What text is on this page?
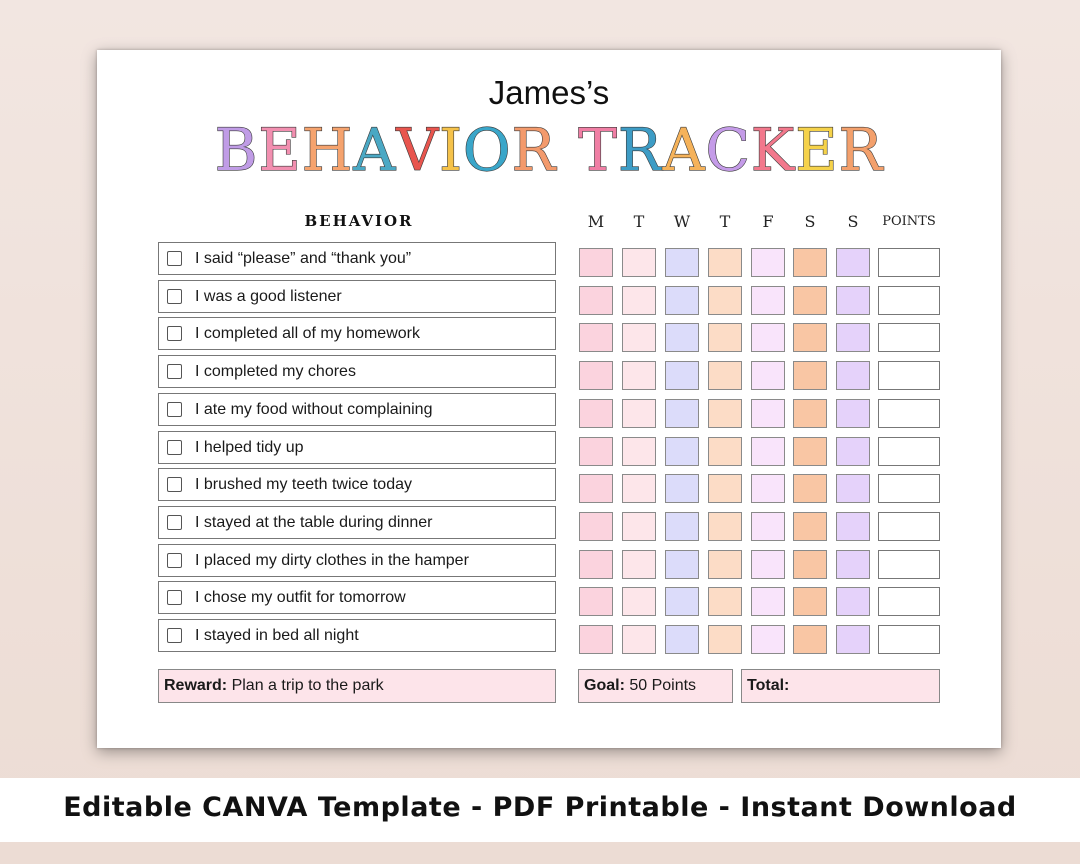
James’s
BEHAVIOR TRACKER
BEHAVIOR	M	T	W	T	F	S	S	POINTS
I said “please” and “thank you”
I was a good listener
I completed all of my homework
I completed my chores
I ate my food without complaining
I helped tidy up
I brushed my teeth twice today
I stayed at the table during dinner
I placed my dirty clothes in the hamper
I chose my outfit for tomorrow
I stayed in bed all night
Reward: Plan a trip to the park	Goal: 50 Points	Total:
Editable CANVA Template - PDF Printable - Instant Download
